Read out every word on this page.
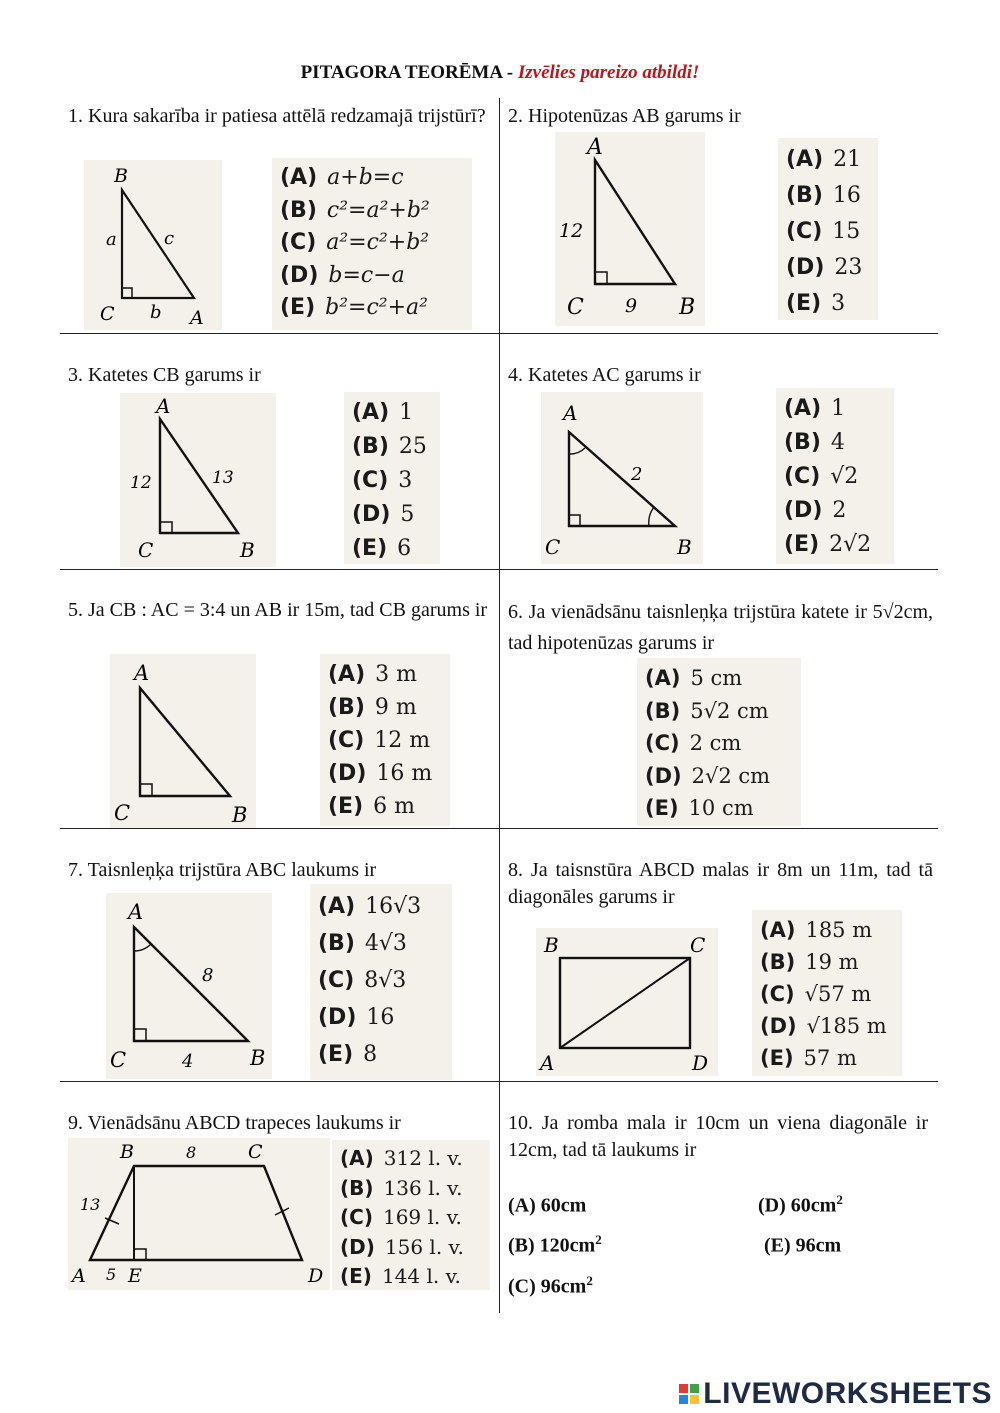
PITAGORA TEORĒMA - Izvēlies pareizo atbildi!
1. Kura sakarība ir patiesa attēlā redzamajā trijstūrī?
B
C	A
a	c
b
(A) a+b=c
(B) c²=a²+b²
(C) a²=c²+b²
(D) b=c−a
(E) b²=c²+a²
2. Hipotenūzas AB garums ir
A
C	B
12
9
(A) 21
(B) 16
(C) 15
(D) 23
(E) 3
3. Katetes CB garums ir
A
C	B
12	13
(A) 1
(B) 25
(C) 3
(D) 5
(E) 6
4. Katetes AC garums ir
A
C	B
2
(A) 1
(B) 4
(C) √2
(D) 2
(E) 2√2
5. Ja CB : AC = 3:4 un AB ir 15m, tad CB garums ir
A
C	B
(A) 3 m
(B) 9 m
(C) 12 m
(D) 16 m
(E) 6 m
6. Ja vienādsānu taisnleņķa trijstūra katete ir 5√2cm, tad hipotenūzas garums ir
(A) 5 cm
(B) 5√2 cm
(C) 2 cm
(D) 2√2 cm
(E) 10 cm
7. Taisnleņķa trijstūra ABC laukums ir
A
C	B
8
4
(A) 16√3
(B) 4√3
(C) 8√3
(D) 16
(E) 8
8. Ja taisnstūra ABCD malas ir 8m un 11m, tad tā diagonāles garums ir
B	C
A	D
(A) 185 m
(B) 19 m
(C) √57 m
(D) √185 m
(E) 57 m
9. Vienādsānu ABCD trapeces laukums ir
B	C
A E	D
8
13
5
(A) 312 l. v.
(B) 136 l. v.
(C) 169 l. v.
(D) 156 l. v.
(E) 144 l. v.
10. Ja romba mala ir 10cm un viena diagonāle ir 12cm, tad tā laukums ir
(A) 60cm
(B) $120cm^2$
(C) $96cm^2$
(D) $60cm^2$
(E) 96cm
LIVEWORKSHEETS
